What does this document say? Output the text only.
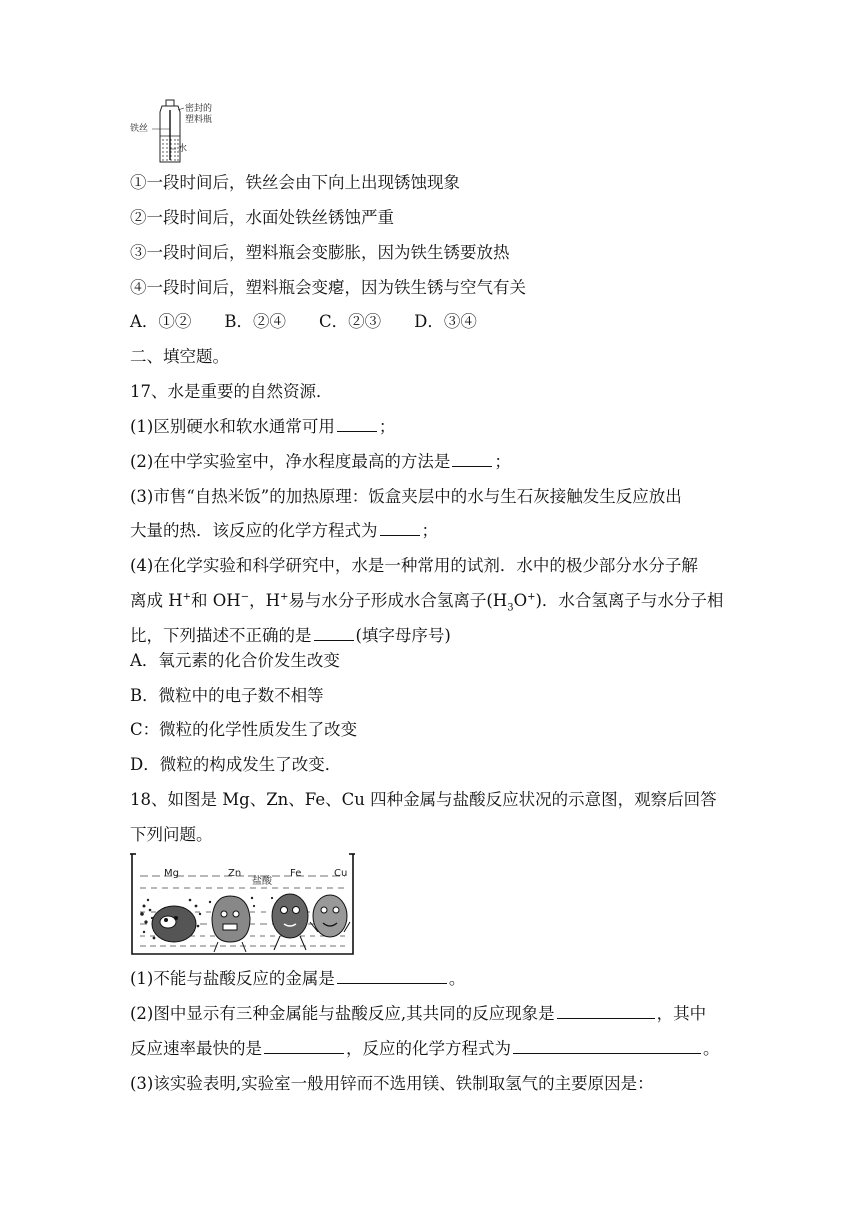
密封的
塑料瓶
铁丝
水
①一段时间后，铁丝会由下向上出现锈蚀现象
②一段时间后，水面处铁丝锈蚀严重
③一段时间后，塑料瓶会变膨胀，因为铁生锈要放热
④一段时间后，塑料瓶会变瘪，因为铁生锈与空气有关
A．①②　　B．②④　　C．②③　　D．③④
二、填空题。
17、水是重要的自然资源．
(1)区别硬水和软水通常可用	；
(2)在中学实验室中，净水程度最高的方法是	；
(3)市售“自热米饭”的加热原理：饭盒夹层中的水与生石灰接触发生反应放出
大量的热．该反应的化学方程式为	；
(4)在化学实验和科学研究中，水是一种常用的试剂．水中的极少部分水分子解
离成 H+和 OH−，H+易与水分子形成水合氢离子$(H_3O^+)$．水合氢离子与水分子相
比，下列描述不正确的是	(填字母序号)
A．氧元素的化合价发生改变
B．微粒中的电子数不相等
C：微粒的化学性质发生了改变
D．微粒的构成发生了改变．
18、如图是 Mg、Zn、Fe、Cu 四种金属与盐酸反应状况的示意图，观察后回答
下列问题。
Mg	Zn
盐酸
Fe	Cu
(1)不能与盐酸反应的金属是	。
(2)图中显示有三种金属能与盐酸反应,其共同的反应现象是	，其中
反应速率最快的是	，反应的化学方程式为	。
(3)该实验表明,实验室一般用锌而不选用镁、铁制取氢气的主要原因是：
